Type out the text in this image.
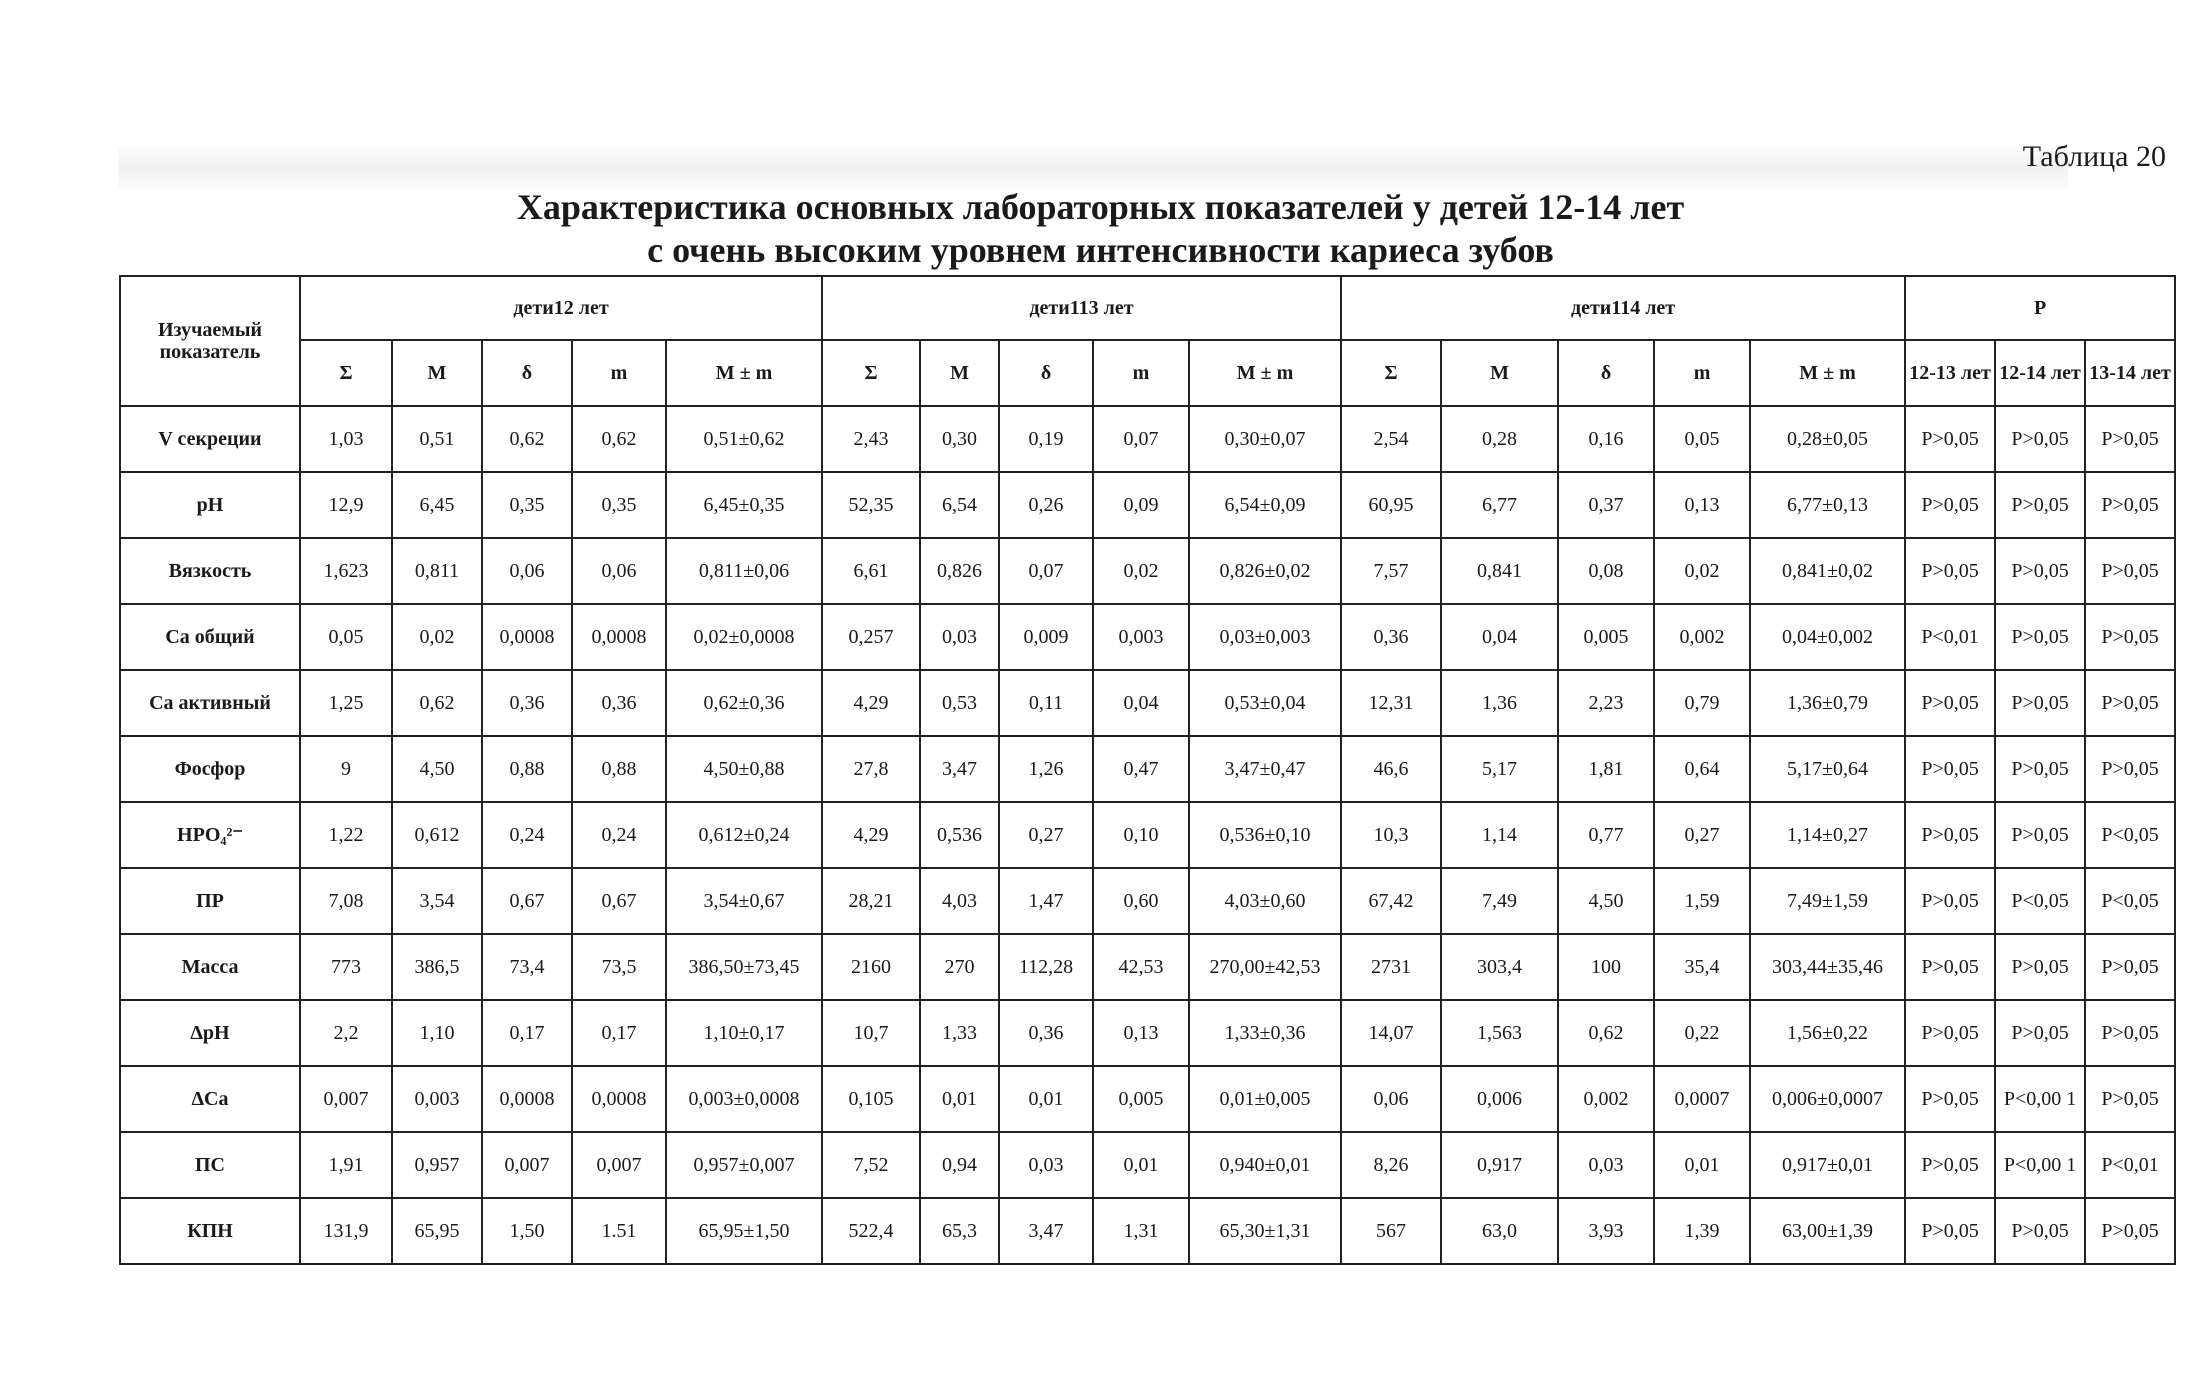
Таблица 20
Характеристика основных лабораторных показателей у детей 12-14 лет
с очень высоким уровнем интенсивности кариеса зубов
Изучаемый показатель	дети12 лет					дети113 лет					дети114 лет					P		
	Σ	M	δ	m	M ± m	Σ	M	δ	m	M ± m	Σ	M	δ	m	M ± m	12-13 лет	12-14 лет	13-14 лет
V секреции	1,03	0,51	0,62	0,62	0,51±0,62	2,43	0,30	0,19	0,07	0,30±0,07	2,54	0,28	0,16	0,05	0,28±0,05	P>0,05	P>0,05	P>0,05
pH	12,9	6,45	0,35	0,35	6,45±0,35	52,35	6,54	0,26	0,09	6,54±0,09	60,95	6,77	0,37	0,13	6,77±0,13	P>0,05	P>0,05	P>0,05
Вязкость	1,623	0,811	0,06	0,06	0,811±0,06	6,61	0,826	0,07	0,02	0,826±0,02	7,57	0,841	0,08	0,02	0,841±0,02	P>0,05	P>0,05	P>0,05
Са общий	0,05	0,02	0,0008	0,0008	0,02±0,0008	0,257	0,03	0,009	0,003	0,03±0,003	0,36	0,04	0,005	0,002	0,04±0,002	P<0,01	P>0,05	P>0,05
Са активный	1,25	0,62	0,36	0,36	0,62±0,36	4,29	0,53	0,11	0,04	0,53±0,04	12,31	1,36	2,23	0,79	1,36±0,79	P>0,05	P>0,05	P>0,05
Фосфор	9	4,50	0,88	0,88	4,50±0,88	27,8	3,47	1,26	0,47	3,47±0,47	46,6	5,17	1,81	0,64	5,17±0,64	P>0,05	P>0,05	P>0,05
HPO₄²⁻	1,22	0,612	0,24	0,24	0,612±0,24	4,29	0,536	0,27	0,10	0,536±0,10	10,3	1,14	0,77	0,27	1,14±0,27	P>0,05	P>0,05	P<0,05
ПР	7,08	3,54	0,67	0,67	3,54±0,67	28,21	4,03	1,47	0,60	4,03±0,60	67,42	7,49	4,50	1,59	7,49±1,59	P>0,05	P<0,05	P<0,05
Масса	773	386,5	73,4	73,5	386,50±73,45	2160	270	112,28	42,53	270,00±42,53	2731	303,4	100	35,4	303,44±35,46	P>0,05	P>0,05	P>0,05
ΔpH	2,2	1,10	0,17	0,17	1,10±0,17	10,7	1,33	0,36	0,13	1,33±0,36	14,07	1,563	0,62	0,22	1,56±0,22	P>0,05	P>0,05	P>0,05
ΔCa	0,007	0,003	0,0008	0,0008	0,003±0,0008	0,105	0,01	0,01	0,005	0,01±0,005	0,06	0,006	0,002	0,0007	0,006±0,0007	P>0,05	P<0,00 1	P>0,05
ПС	1,91	0,957	0,007	0,007	0,957±0,007	7,52	0,94	0,03	0,01	0,940±0,01	8,26	0,917	0,03	0,01	0,917±0,01	P>0,05	P<0,00 1	P<0,01
КПН	131,9	65,95	1,50	1.51	65,95±1,50	522,4	65,3	3,47	1,31	65,30±1,31	567	63,0	3,93	1,39	63,00±1,39	P>0,05	P>0,05	P>0,05
